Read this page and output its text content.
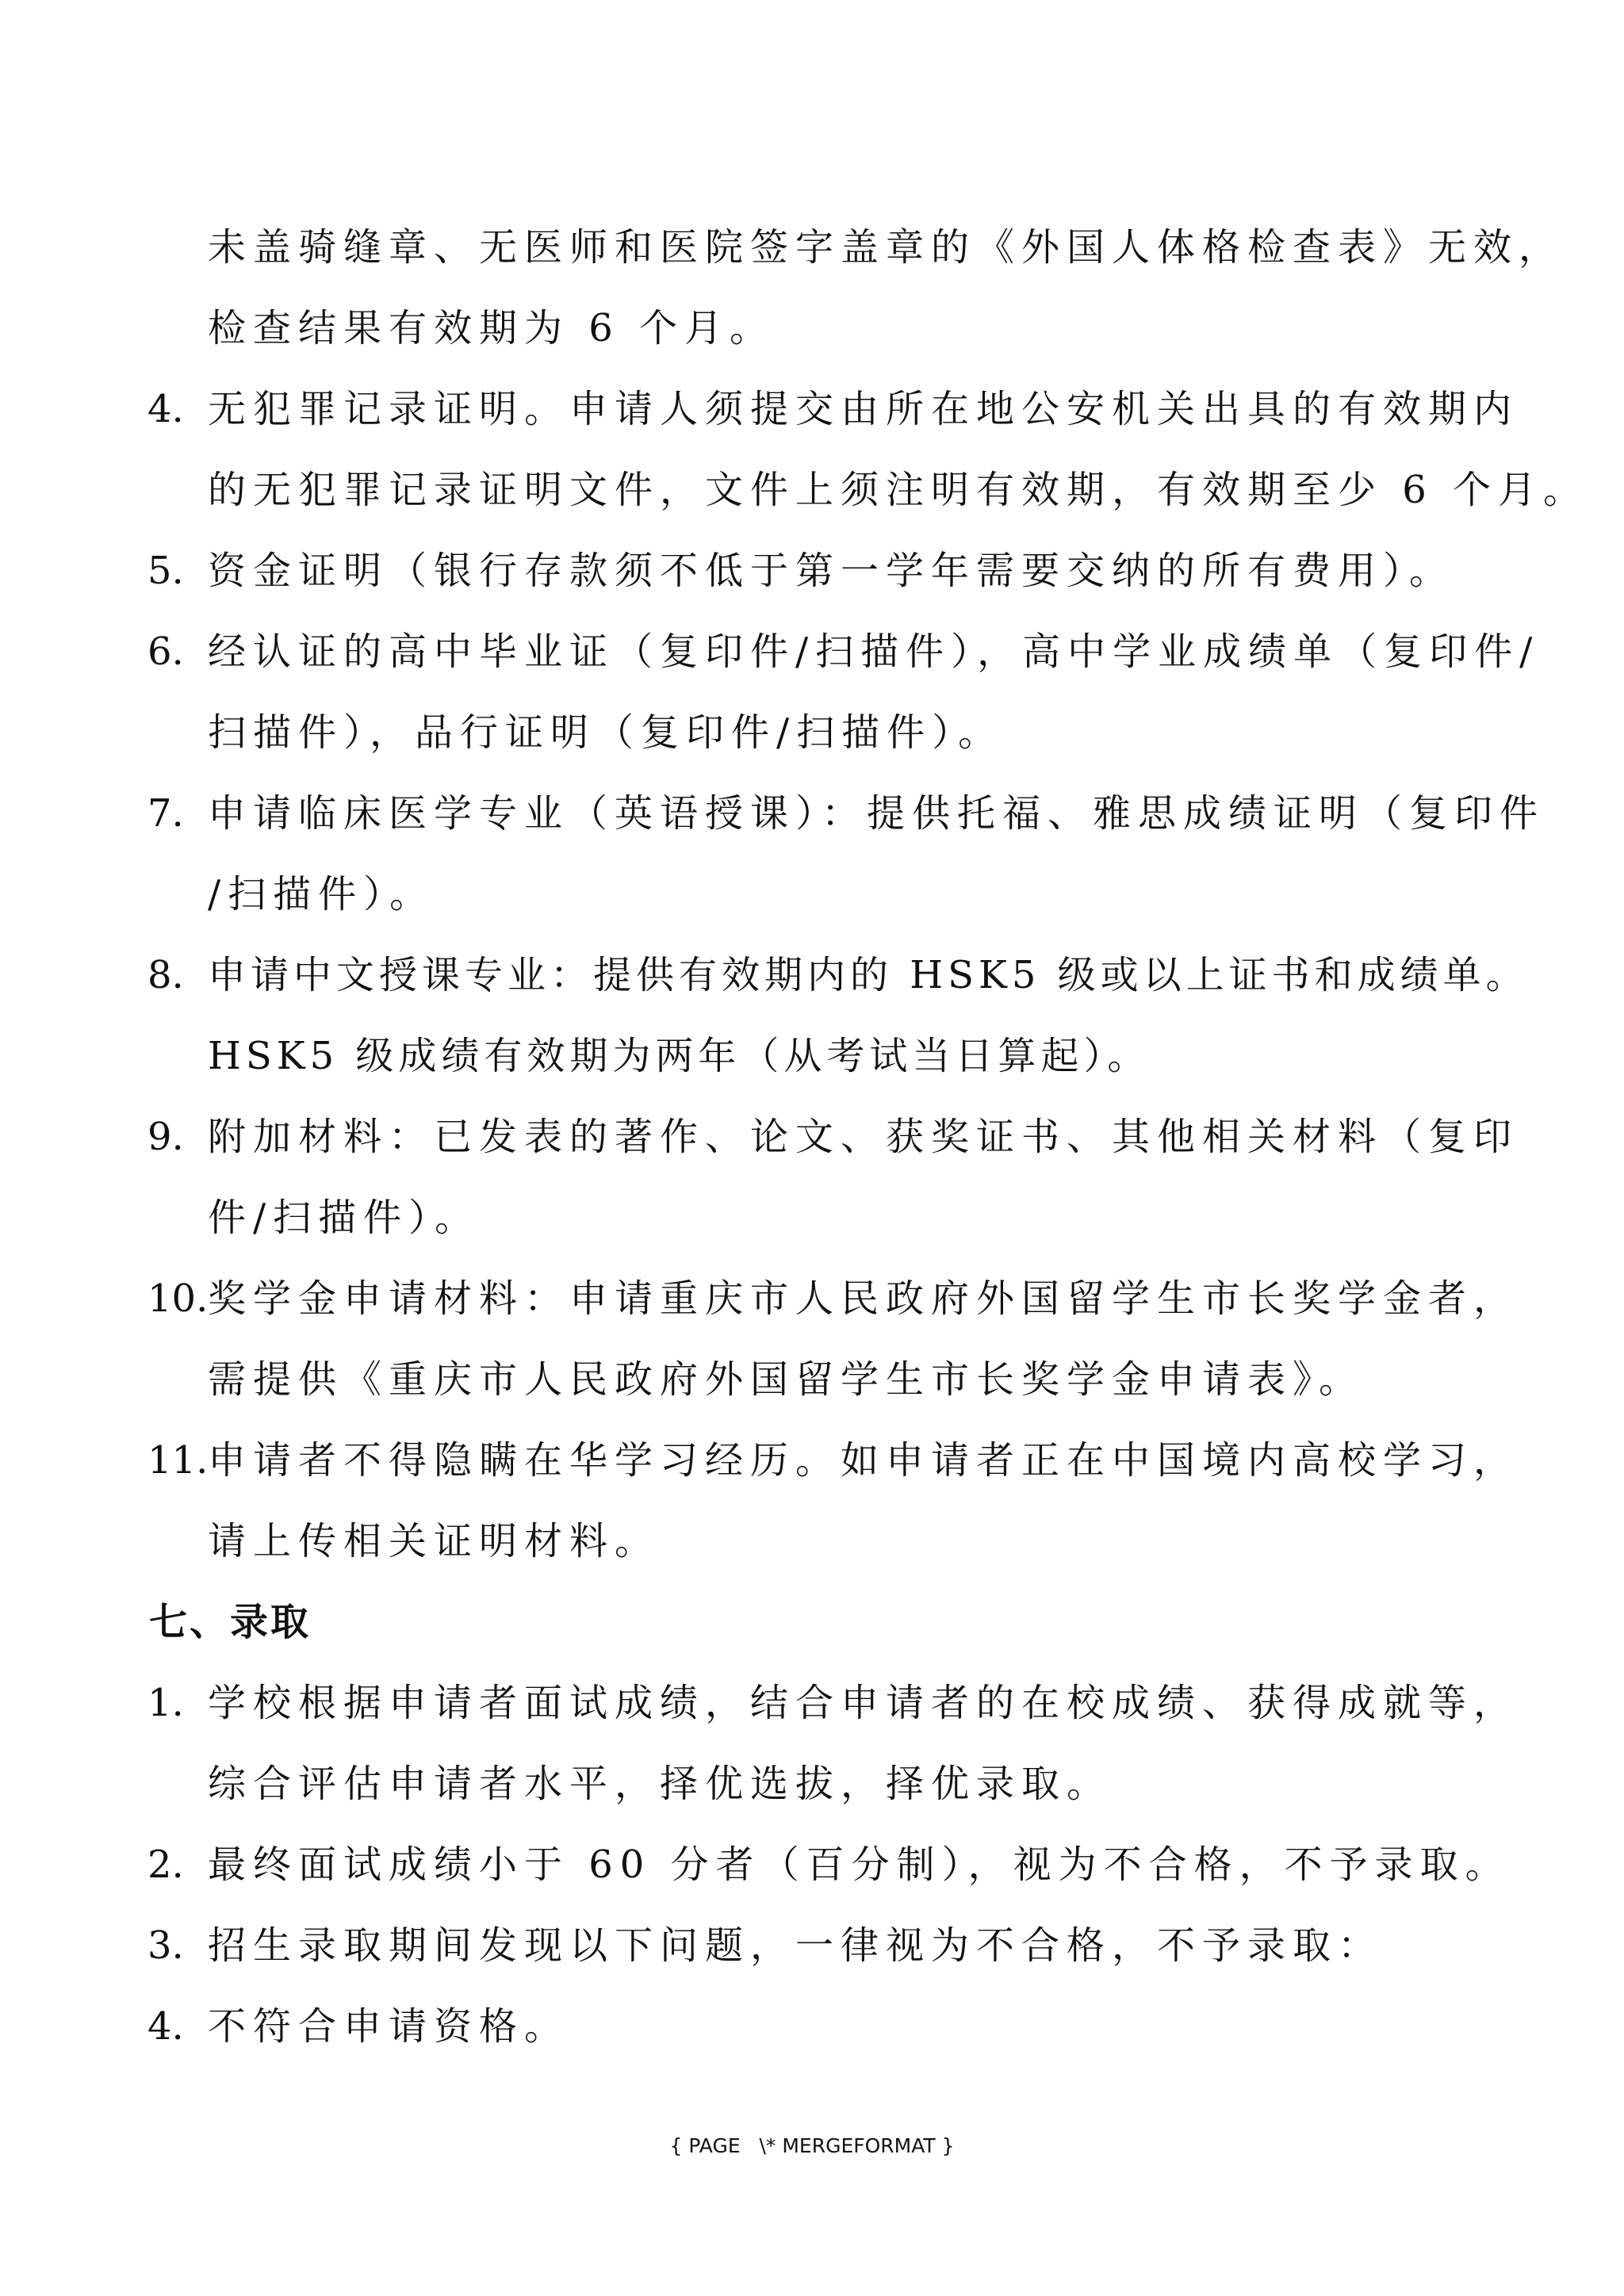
未盖骑缝章、无医师和医院签字盖章的《外国人体格检查表》无效，
检查结果有效期为 6 个月。
4. 无犯罪记录证明。申请人须提交由所在地公安机关出具的有效期内
的无犯罪记录证明文件，文件上须注明有效期，有效期至少 6 个月。
5. 资金证明（银行存款须不低于第一学年需要交纳的所有费用）。
6. 经认证的高中毕业证（复印件/扫描件），高中学业成绩单（复印件/
扫描件），品行证明（复印件/扫描件）。
7. 申请临床医学专业（英语授课）：提供托福、雅思成绩证明（复印件
/扫描件）。
8. 申请中文授课专业：提供有效期内的 HSK5 级或以上证书和成绩单。
HSK5 级成绩有效期为两年（从考试当日算起）。
9. 附加材料：已发表的著作、论文、获奖证书、其他相关材料（复印
件/扫描件）。
10. 奖学金申请材料：申请重庆市人民政府外国留学生市长奖学金者，
需提供《重庆市人民政府外国留学生市长奖学金申请表》。
11. 申请者不得隐瞒在华学习经历。如申请者正在中国境内高校学习，
请上传相关证明材料。
七、录取
1. 学校根据申请者面试成绩，结合申请者的在校成绩、获得成就等，
综合评估申请者水平，择优选拔，择优录取。
2. 最终面试成绩小于 60 分者（百分制），视为不合格，不予录取。
3. 招生录取期间发现以下问题，一律视为不合格，不予录取：
4. 不符合申请资格。
{ PAGE   \* MERGEFORMAT }
